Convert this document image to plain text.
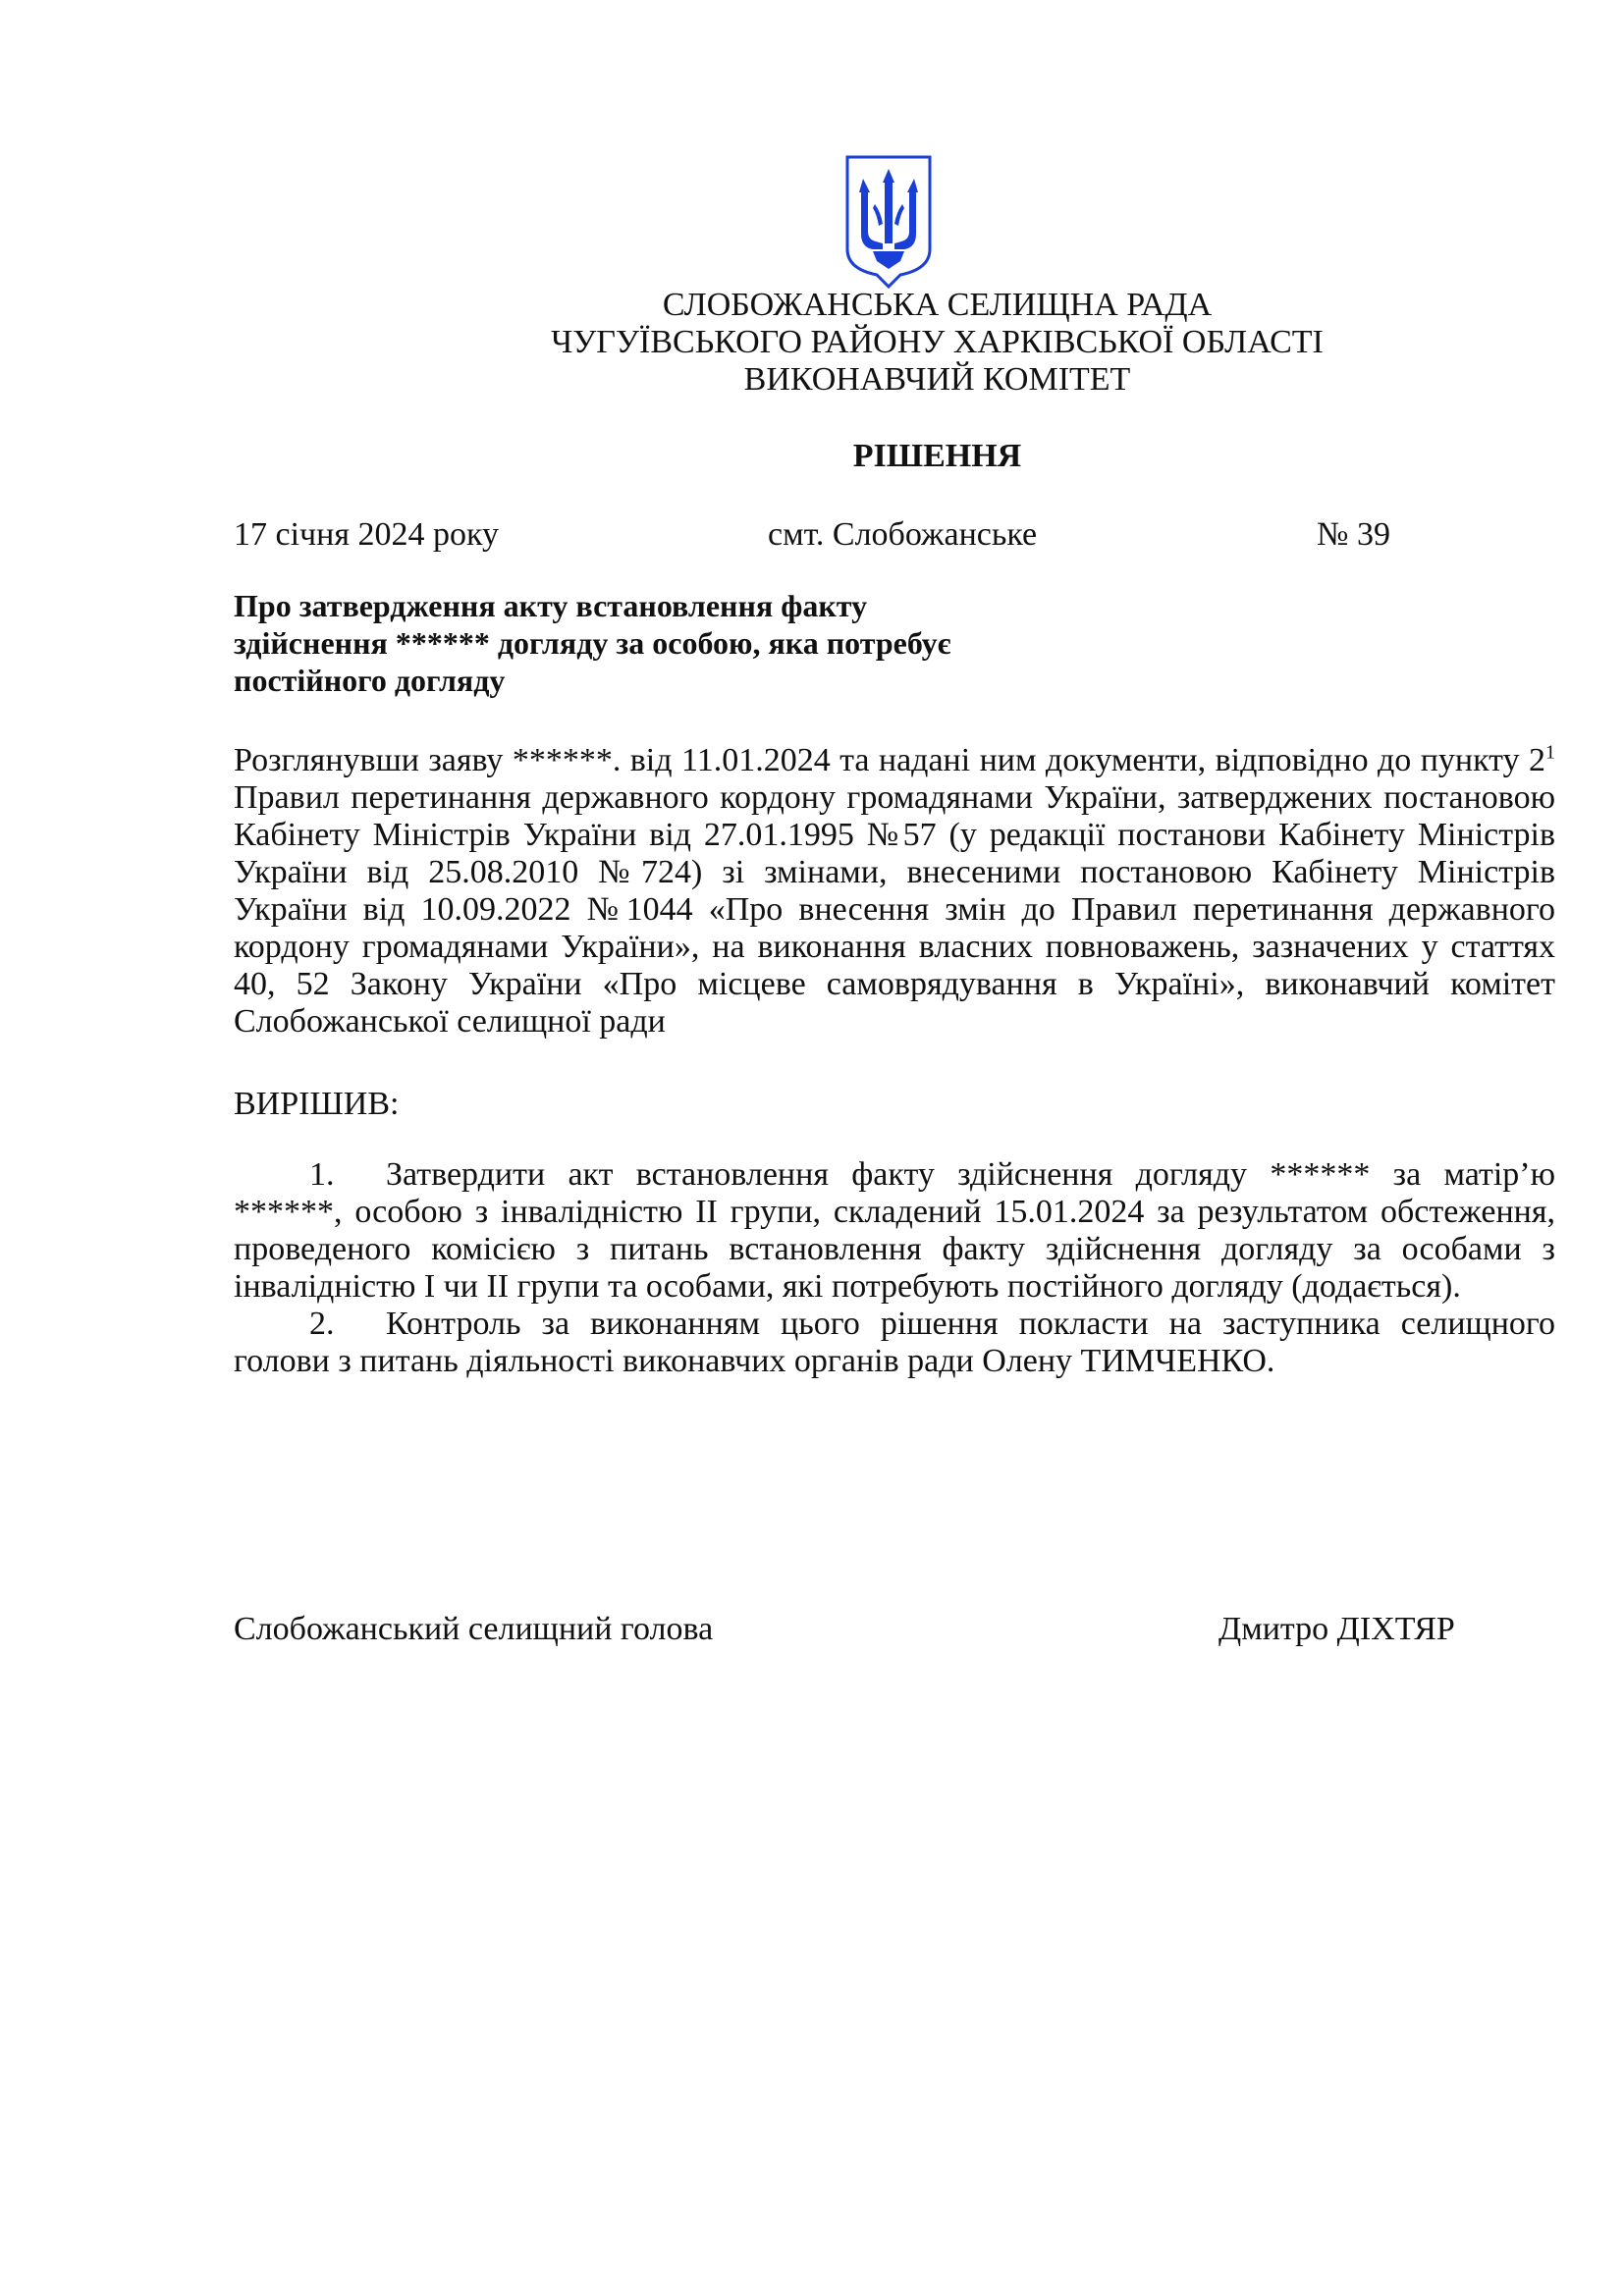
СЛОБОЖАНСЬКА СЕЛИЩНА РАДА
ЧУГУЇВСЬКОГО РАЙОНУ ХАРКІВСЬКОЇ ОБЛАСТІ
ВИКОНАВЧИЙ КОМІТЕТ
РІШЕННЯ
17 січня 2024 року	смт. Слобожанське	№ 39

Про затвердження акту встановлення факту здійснення ****** догляду за особою, яка потребує постійного догляду

Розглянувши заяву ******. від 11.01.2024 та надані ним документи, відповідно до пункту $2^1$ Правил перетинання державного кордону громадянами України, затверджених постановою Кабінету Міністрів України від 27.01.1995 №57 (у редакції постанови Кабінету Міністрів України від 25.08.2010 №724) зі змінами, внесеними постановою Кабінету Міністрів України від 10.09.2022 №1044 «Про внесення змін до Правил перетинання державного кордону громадянами України», на виконання власних повноважень, зазначених у статтях 40, 52 Закону України «Про місцеве самоврядування в Україні», виконавчий комітет Слобожанської селищної ради

ВИРІШИВ:

1. Затвердити акт встановлення факту здійснення догляду ****** за матір’ю ******, особою з інвалідністю ІІ групи, складений 15.01.2024 за результатом обстеження, проведеного комісією з питань встановлення факту здійснення догляду за особами з інвалідністю І чи ІІ групи та особами, які потребують постійного догляду (додається).

2. Контроль за виконанням цього рішення покласти на заступника селищного голови з питань діяльності виконавчих органів ради Олену ТИМЧЕНКО.

Слобожанський селищний голова	Дмитро ДІХТЯР
